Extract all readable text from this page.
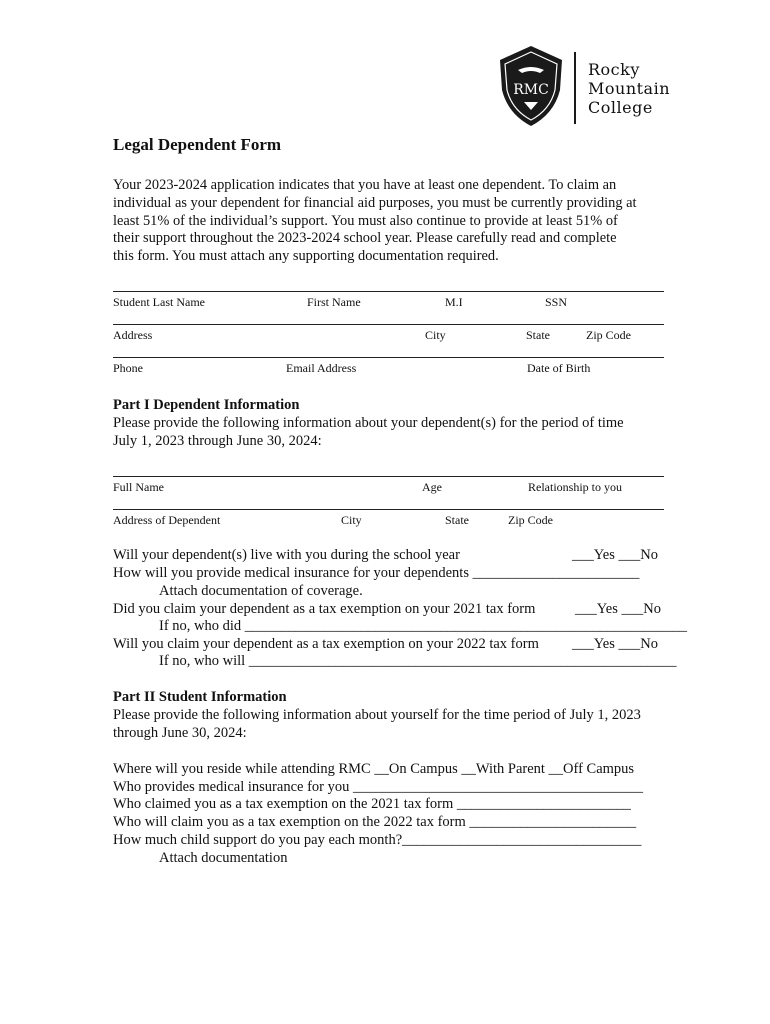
RMC
Rocky
Mountain
College
Legal Dependent Form
Your 2023-2024 application indicates that you have at least one dependent. To claim an
individual as your dependent for financial aid purposes, you must be currently providing at
least 51% of the individual’s support. You must also continue to provide at least 51% of
their support throughout the 2023-2024 school year. Please carefully read and complete
this form. You must attach any supporting documentation required.
Student Last Name	First Name	M.I	SSN
Address	City	State	Zip Code
Phone	Email Address	Date of Birth
Part I Dependent Information
Please provide the following information about your dependent(s) for the period of time
July 1, 2023 through June 30, 2024:
Full Name	Age	Relationship to you
Address of Dependent	City	State	Zip Code
Will your dependent(s) live with you during the school year	___Yes ___No
How will you provide medical insurance for your dependents _______________________
Attach documentation of coverage.
Did you claim your dependent as a tax exemption on your 2021 tax form	___Yes ___No
If no, who did _____________________________________________________________
Will you claim your dependent as a tax exemption on your 2022 tax form ___Yes ___No
If no, who will ___________________________________________________________
Part II Student Information
Please provide the following information about yourself for the time period of July 1, 2023
through June 30, 2024:
Where will you reside while attending RMC __On Campus __With Parent __Off Campus
Who provides medical insurance for you ________________________________________
Who claimed you as a tax exemption on the 2021 tax form ________________________
Who will claim you as a tax exemption on the 2022 tax form _______________________
How much child support do you pay each month?_________________________________
Attach documentation
